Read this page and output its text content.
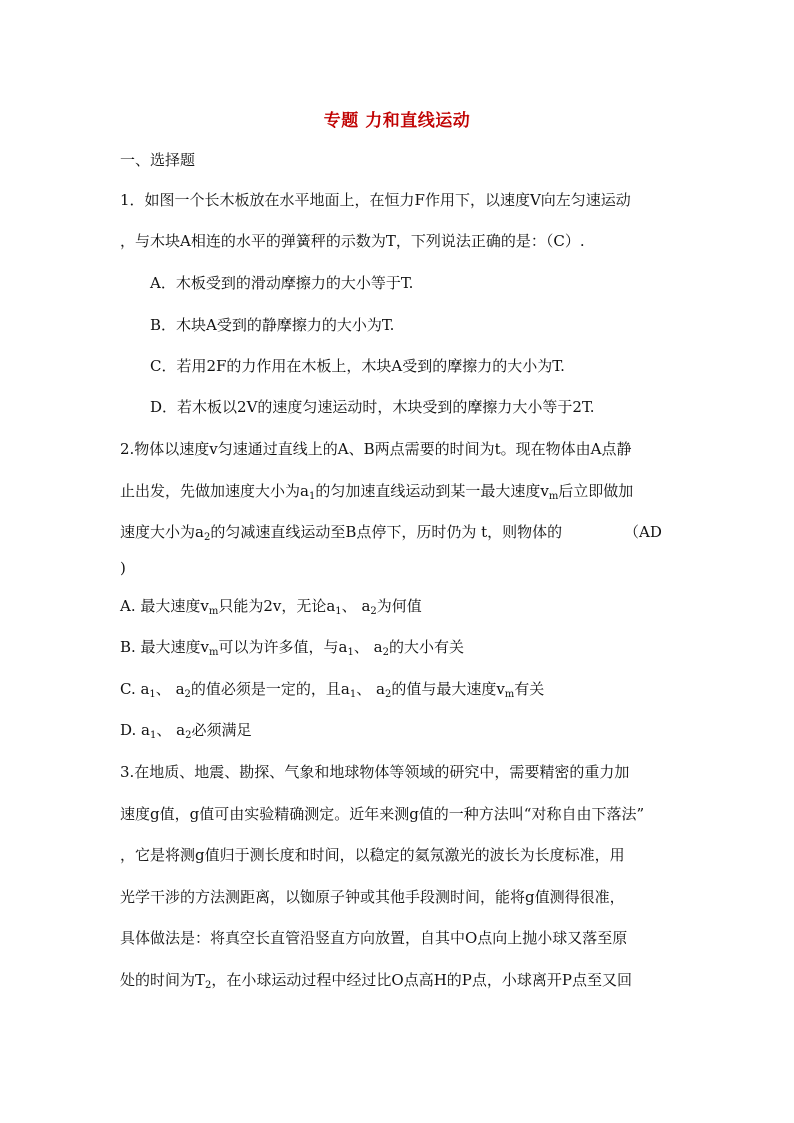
专题 力和直线运动
一、选择题
1．如图一个长木板放在水平地面上，在恒力F作用下，以速度V向左匀速运动
，与木块A相连的水平的弹簧秤的示数为T，下列说法正确的是：（C）.
A．木板受到的滑动摩擦力的大小等于T.
B．木块A受到的静摩擦力的大小为T.
C．若用2F的力作用在木板上，木块A受到的摩擦力的大小为T.
D．若木板以2V的速度匀速运动时，木块受到的摩擦力大小等于2T.
2.物体以速度v匀速通过直线上的A、B两点需要的时间为t。现在物体由A点静
止出发，先做加速度大小为$a_1$的匀加速直线运动到某一最大速度$v_m$后立即做加
速度大小为$a_2$的匀减速直线运动至B点停下，历时仍为 t，则物体的	（AD
)
A. 最大速度$v_m$只能为2v，无论$a_1$、 $a_2$为何值
B. 最大速度$v_m$可以为许多值，与$a_1$、 $a_2$的大小有关
C. $a_1$、 $a_2$的值必须是一定的，且$a_1$、 $a_2$的值与最大速度$v_m$有关
D. $a_1$、 $a_2$必须满足
3.在地质、地震、勘探、气象和地球物体等领域的研究中，需要精密的重力加
速度g值，g值可由实验精确测定。近年来测g值的一种方法叫“对称自由下落法”
，它是将测g值归于测长度和时间，以稳定的氦氖激光的波长为长度标准，用
光学干涉的方法测距离，以铷原子钟或其他手段测时间，能将g值测得很准，
具体做法是：将真空长直管沿竖直方向放置，自其中O点向上抛小球又落至原
处的时间为$T_2$，在小球运动过程中经过比O点高H的P点，小球离开P点至又回
